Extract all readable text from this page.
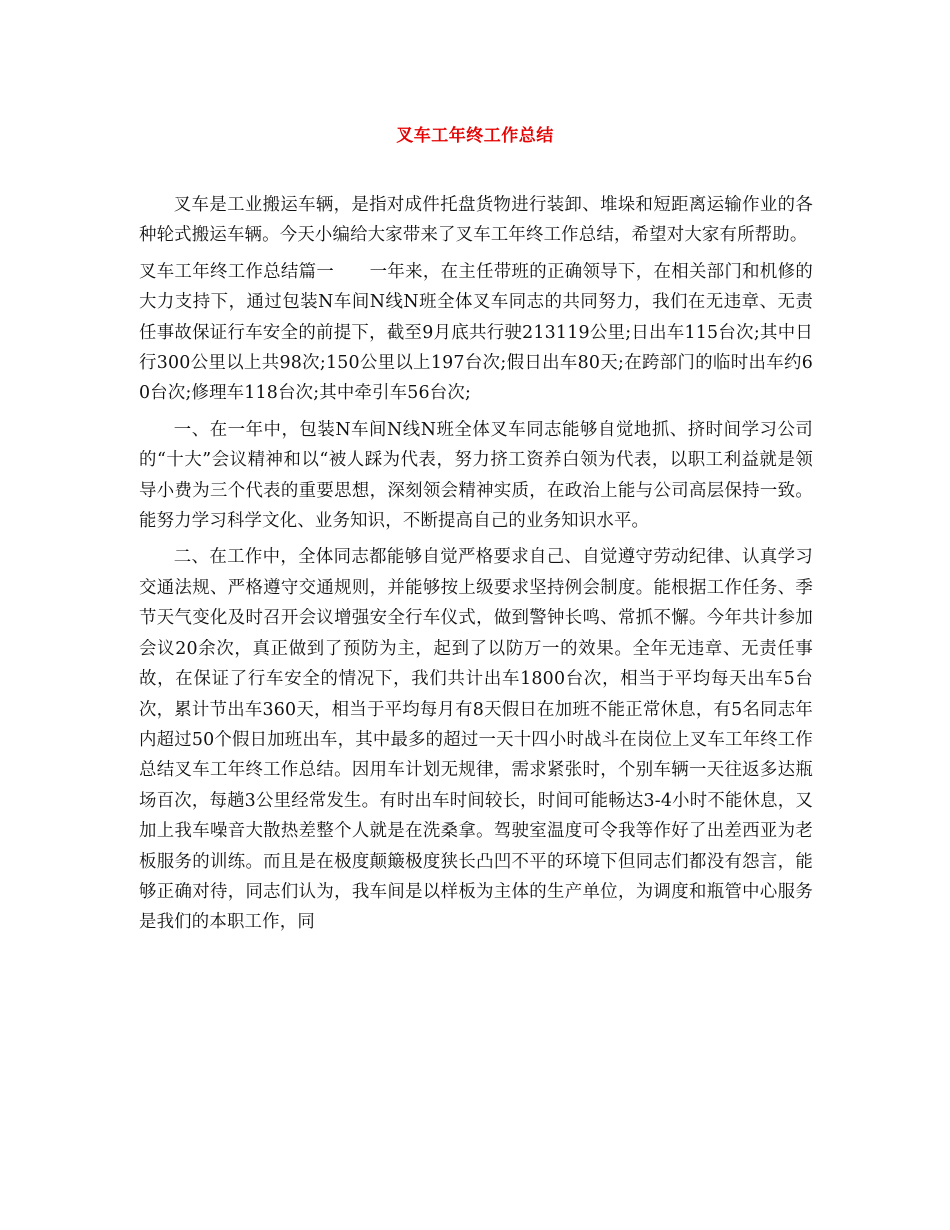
叉车工年终工作总结

叉车是工业搬运车辆，是指对成件托盘货物进行装卸、堆垛和短距离运输作业的各种轮式搬运车辆。今天小编给大家带来了叉车工年终工作总结，希望对大家有所帮助。

叉车工年终工作总结篇一　　一年来，在主任带班的正确领导下，在相关部门和机修的大力支持下，通过包装N车间N线N班全体叉车同志的共同努力，我们在无违章、无责任事故保证行车安全的前提下，截至9月底共行驶213119公里;日出车115台次;其中日行300公里以上共98次;150公里以上197台次;假日出车80天;在跨部门的临时出车约60台次;修理车118台次;其中牵引车56台次;

一、在一年中，包装N车间N线N班全体叉车同志能够自觉地抓、挤时间学习公司的“十大”会议精神和以“被人踩为代表，努力挤工资养白领为代表，以职工利益就是领导小费为三个代表的重要思想，深刻领会精神实质，在政治上能与公司高层保持一致。能努力学习科学文化、业务知识，不断提高自己的业务知识水平。

二、在工作中，全体同志都能够自觉严格要求自己、自觉遵守劳动纪律、认真学习交通法规、严格遵守交通规则，并能够按上级要求坚持例会制度。能根据工作任务、季节天气变化及时召开会议增强安全行车仪式，做到警钟长鸣、常抓不懈。今年共计参加会议20余次，真正做到了预防为主，起到了以防万一的效果。全年无违章、无责任事故，在保证了行车安全的情况下，我们共计出车1800台次，相当于平均每天出车5台次，累计节出车360天，相当于平均每月有8天假日在加班不能正常休息，有5名同志年内超过50个假日加班出车，其中最多的超过一天十四小时战斗在岗位上叉车工年终工作总结叉车工年终工作总结。因用车计划无规律，需求紧张时，个别车辆一天往返多达瓶场百次，每趟3公里经常发生。有时出车时间较长，时间可能畅达3-4小时不能休息，又加上我车噪音大散热差整个人就是在洗桑拿。驾驶室温度可令我等作好了出差西亚为老板服务的训练。而且是在极度颠簸极度狭长凸凹不平的环境下但同志们都没有怨言，能够正确对待，同志们认为，我车间是以样板为主体的生产单位，为调度和瓶管中心服务是我们的本职工作，同
